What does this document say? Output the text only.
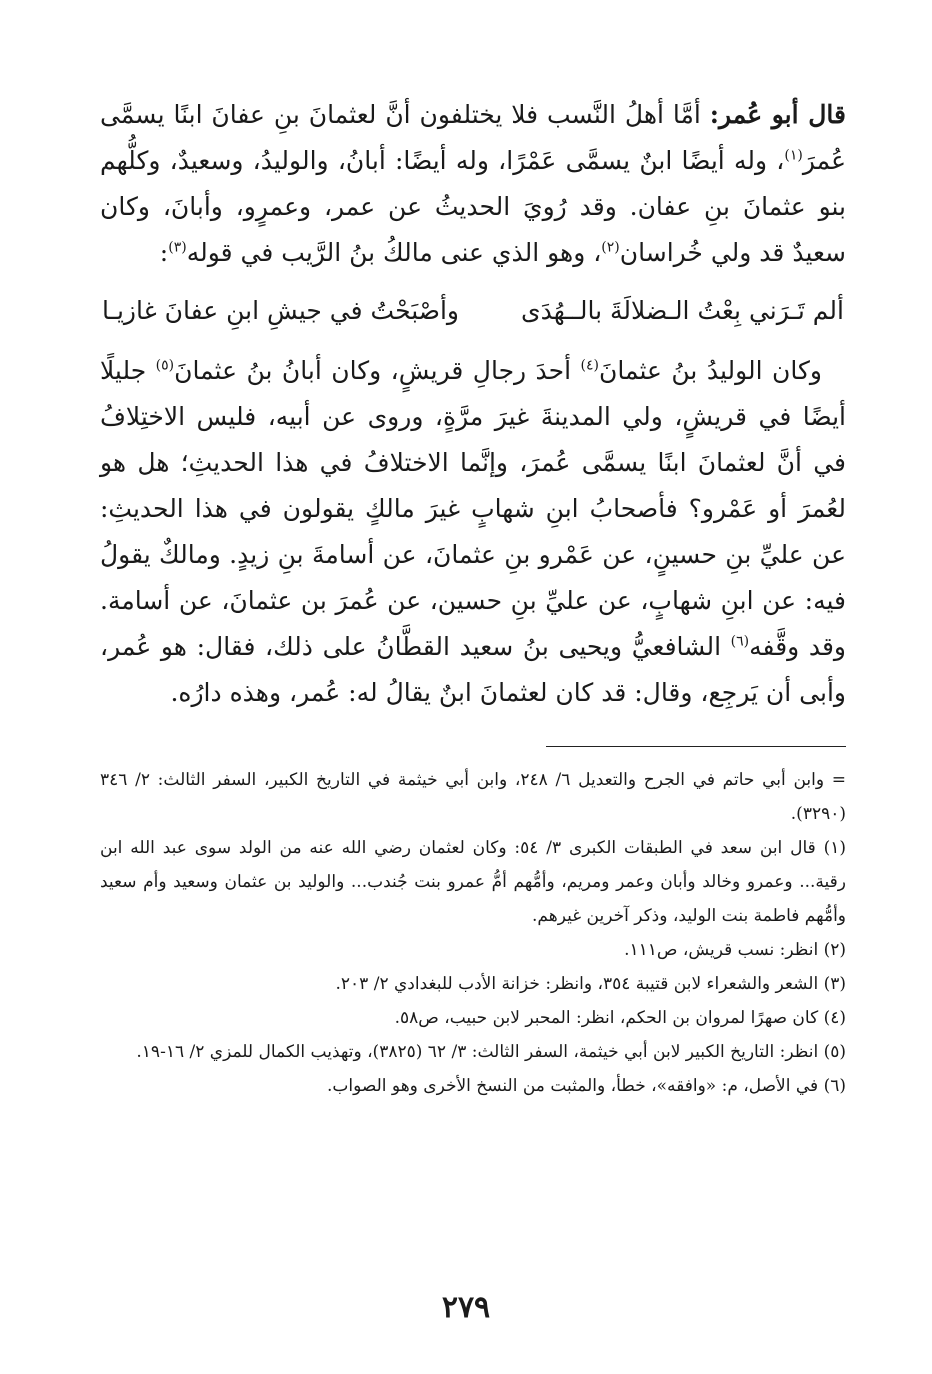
قال أبو عُمر: أمَّا أهلُ النَّسب فلا يختلفون أنَّ لعثمانَ بنِ عفانَ ابنًا يسمَّى عُمرَ$^{(١)}$، وله أيضًا ابنٌ يسمَّى عَمْرًا، وله أيضًا: أبانُ، والوليدُ، وسعيدٌ، وكلُّهم بنو عثمانَ بنِ عفان. وقد رُويَ الحديثُ عن عمر، وعمرٍو، وأبانَ، وكان سعيدٌ قد ولي خُراسان$^{(٢)}$، وهو الذي عنى مالكُ بنُ الرَّيب في قوله$^{(٣)}$:

ألم تَـرَني بِعْتُ الـضلالَةَ بالــهُدَى
وأصْبَحْتُ في جيشِ ابنِ عفانَ غازيـا

وكان الوليدُ بنُ عثمانَ$^{(٤)}$ أحدَ رجالِ قريشٍ، وكان أبانُ بنُ عثمانَ$^{(٥)}$ جليلًا أيضًا في قريشٍ، ولي المدينةَ غيرَ مرَّةٍ، وروى عن أبيه، فليس الاختِلافُ في أنَّ لعثمانَ ابنًا يسمَّى عُمرَ، وإنَّما الاختلافُ في هذا الحديثِ؛ هل هو لعُمرَ أو عَمْرو؟ فأصحابُ ابنِ شهابٍ غيرَ مالكٍ يقولون في هذا الحديثِ: عن عليِّ بنِ حسينٍ، عن عَمْرو بنِ عثمانَ، عن أسامةَ بنِ زيدٍ. ومالكٌ يقولُ فيه: عن ابنِ شهابٍ، عن عليِّ بنِ حسين، عن عُمرَ بن عثمانَ، عن أسامة. وقد وقَّفه$^{(٦)}$ الشافعيُّ ويحيى بنُ سعيد القطَّانُ على ذلك، فقال: هو عُمر، وأبى أن يَرجِع، وقال: قد كان لعثمانَ ابنٌ يقالُ له: عُمر، وهذه دارُه.

= وابن أبي حاتم في الجرح والتعديل ٦/ ٢٤٨، وابن أبي خيثمة في التاريخ الكبير، السفر الثالث: ٢/ ٣٤٦ (٣٢٩٠).

(١) قال ابن سعد في الطبقات الكبرى ٣/ ٥٤: وكان لعثمان رضي الله عنه من الولد سوى عبد الله ابن رقية... وعمرو وخالد وأبان وعمر ومريم، وأمُّهم أمُّ عمرو بنت جُندب... والوليد بن عثمان وسعيد وأم سعيد وأمُّهم فاطمة بنت الوليد، وذكر آخرين غيرهم.

(٢) انظر: نسب قريش، ص١١١.

(٣) الشعر والشعراء لابن قتيبة ٣٥٤، وانظر: خزانة الأدب للبغدادي ٢/ ٢٠٣.

(٤) كان صهرًا لمروان بن الحكم، انظر: المحبر لابن حبيب، ص٥٨.

(٥) انظر: التاريخ الكبير لابن أبي خيثمة، السفر الثالث: ٣/ ٦٢ (٣٨٢٥)، وتهذيب الكمال للمزي ٢/ ١٦-١٩.

(٦) في الأصل، م: «وافقه»، خطأ، والمثبت من النسخ الأخرى وهو الصواب.

٢٧٩
